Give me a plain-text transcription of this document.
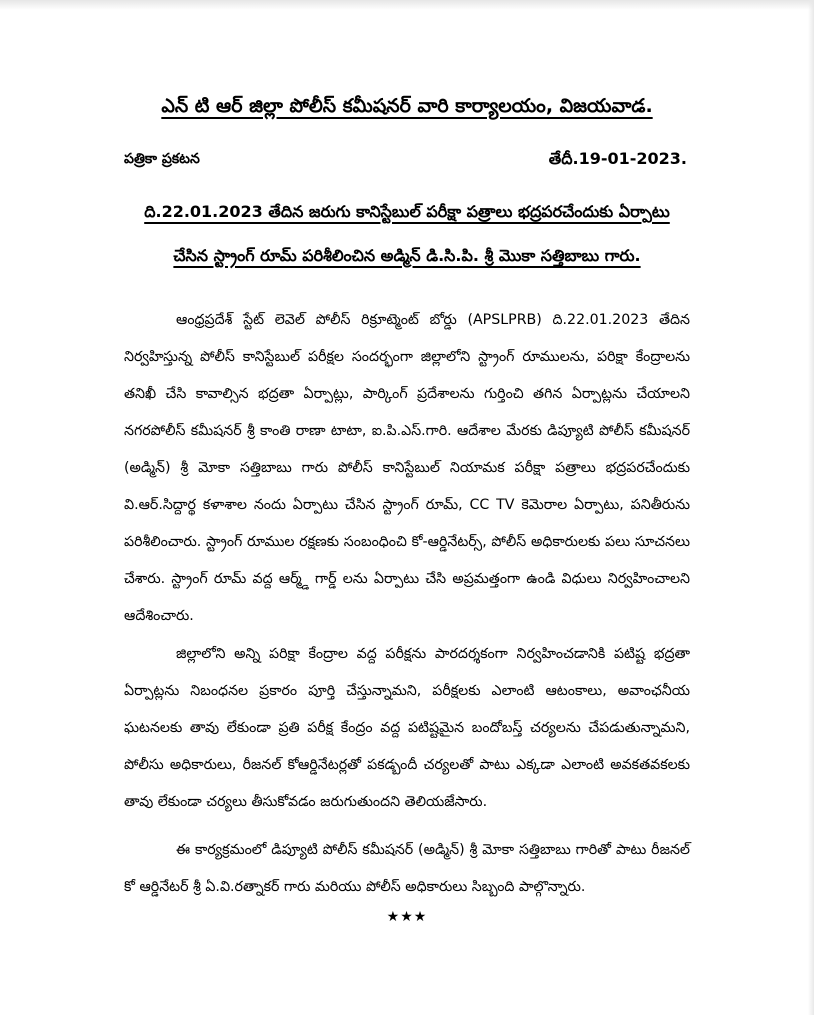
ఎన్ టి ఆర్ జిల్లా పోలీస్ కమీషనర్ వారి కార్యాలయం, విజయవాడ.
పత్రికా ప్రకటన	తేదీ.19-01-2023.
ది.22.01.2023 తేదిన జరుగు కానిస్టేబుల్ పరీక్షా పత్రాలు భద్రపరచేందుకు ఏర్పాటు
చేసిన స్ట్రాంగ్ రూమ్ పరిశీలించిన అడ్మిన్ డి.సి.పి. శ్రీ మొకా సత్తిబాబు గారు.

ఆంధ్రప్రదేశ్ స్టేట్ లెవెల్ పోలీస్ రిక్రూట్మెంట్ బోర్డు (APSLPRB) ది.22.01.2023 తేదిన నిర్వహిస్తున్న పోలీస్ కానిస్టేబుల్ పరీక్షల సందర్భంగా జిల్లాలోని స్ట్రాంగ్ రూములను, పరిక్షా కేంద్రాలను తనిఖీ చేసి కావాల్సిన భద్రతా ఏర్పాట్లు, పార్కింగ్ ప్రదేశాలను గుర్తించి తగిన ఏర్పాట్లను చేయాలని నగరపోలీస్ కమీషనర్ శ్రీ కాంతి రాణా టాటా, ఐ.పి.ఎస్.గారి. ఆదేశాల మేరకు డిప్యూటి పోలీస్ కమీషనర్ (అడ్మిన్) శ్రీ మోకా సత్తిబాబు గారు పోలీస్ కానిస్టేబుల్ నియామక పరీక్షా పత్రాలు భద్రపరచేందుకు వి.ఆర్.సిద్దార్థ కళాశాల నందు ఏర్పాటు చేసిన స్ట్రాంగ్ రూమ్, CC TV కెమెరాల ఏర్పాటు, పనితీరును పరిశీలించారు. స్ట్రాంగ్ రూముల రక్షణకు సంబంధించి కో-ఆర్డినేటర్స్, పోలీస్ అధికారులకు పలు సూచనలు చేశారు. స్ట్రాంగ్ రూమ్ వద్ద ఆర్మ్డ్ గార్డ్ లను ఏర్పాటు చేసి అప్రమత్తంగా ఉండి విధులు నిర్వహించాలని ఆదేశించారు.

జిల్లాలోని అన్ని పరిక్షా కేంద్రాల వద్ద పరీక్షను పారదర్శకంగా నిర్వహించడానికి పటిష్ట భద్రతా ఏర్పాట్లను నిబంధనల ప్రకారం పూర్తి చేస్తున్నామని, పరీక్షలకు ఎలాంటి ఆటంకాలు, అవాంఛనీయ ఘటనలకు తావు లేకుండా ప్రతి పరీక్ష కేంద్రం వద్ద పటిష్టమైన బందోబస్త్ చర్యలను చేపడుతున్నామని, పోలీసు అధికారులు, రీజనల్ కోఆర్డినేటర్లతో పకడ్బందీ చర్యలతో పాటు ఎక్కడా ఎలాంటి అవకతవకలకు తావు లేకుండా చర్యలు తీసుకోవడం జరుగుతుందని తెలియజేసారు.

ఈ కార్యక్రమంలో డిప్యూటి పోలీస్ కమీషనర్ (అడ్మిన్) శ్రీ మోకా సత్తిబాబు గారితో పాటు రీజనల్ కో ఆర్డినేటర్ శ్రీ ఏ.వి.రత్నాకర్ గారు మరియు పోలీస్ అధికారులు సిబ్బంది పాల్గొన్నారు.

★★★
